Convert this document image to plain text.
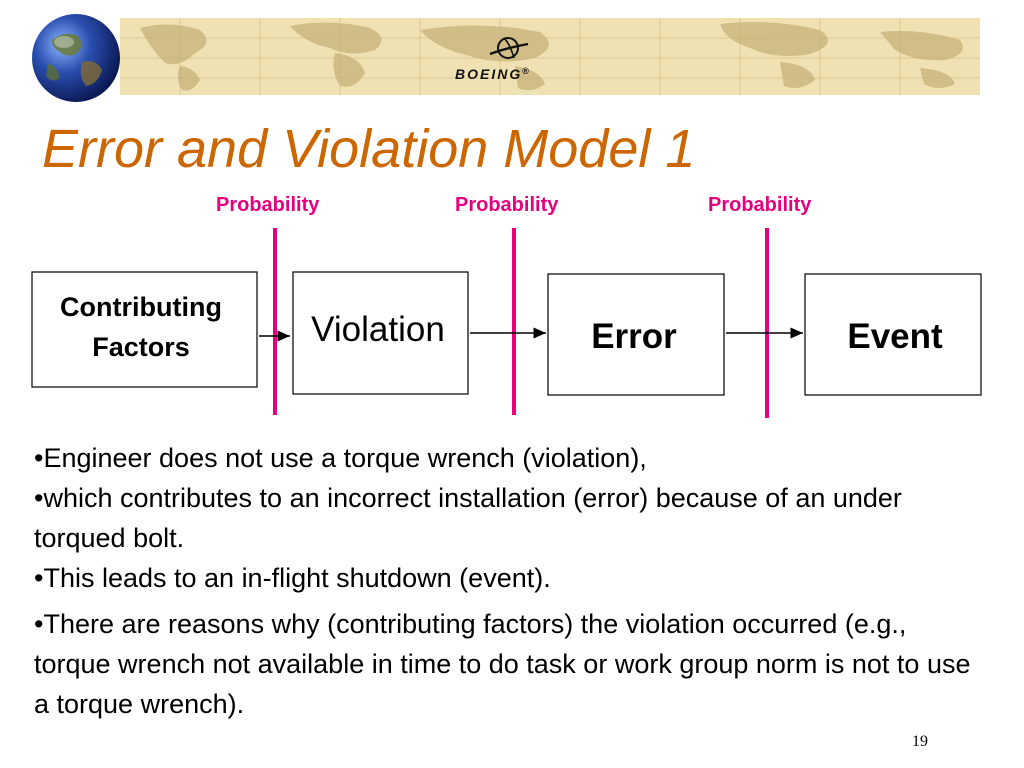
BOEING®
Error and Violation Model 1
Probability	Probability	Probability
Contributing
Factors	Violation	Error	Event

•Engineer does not use a torque wrench (violation),

•which contributes to an incorrect installation (error) because of an under torqued bolt.

•This leads to an in-flight shutdown (event).

•There are reasons why (contributing factors) the violation occurred (e.g., torque wrench not available in time to do task or work group norm is not to use a torque wrench).

19
